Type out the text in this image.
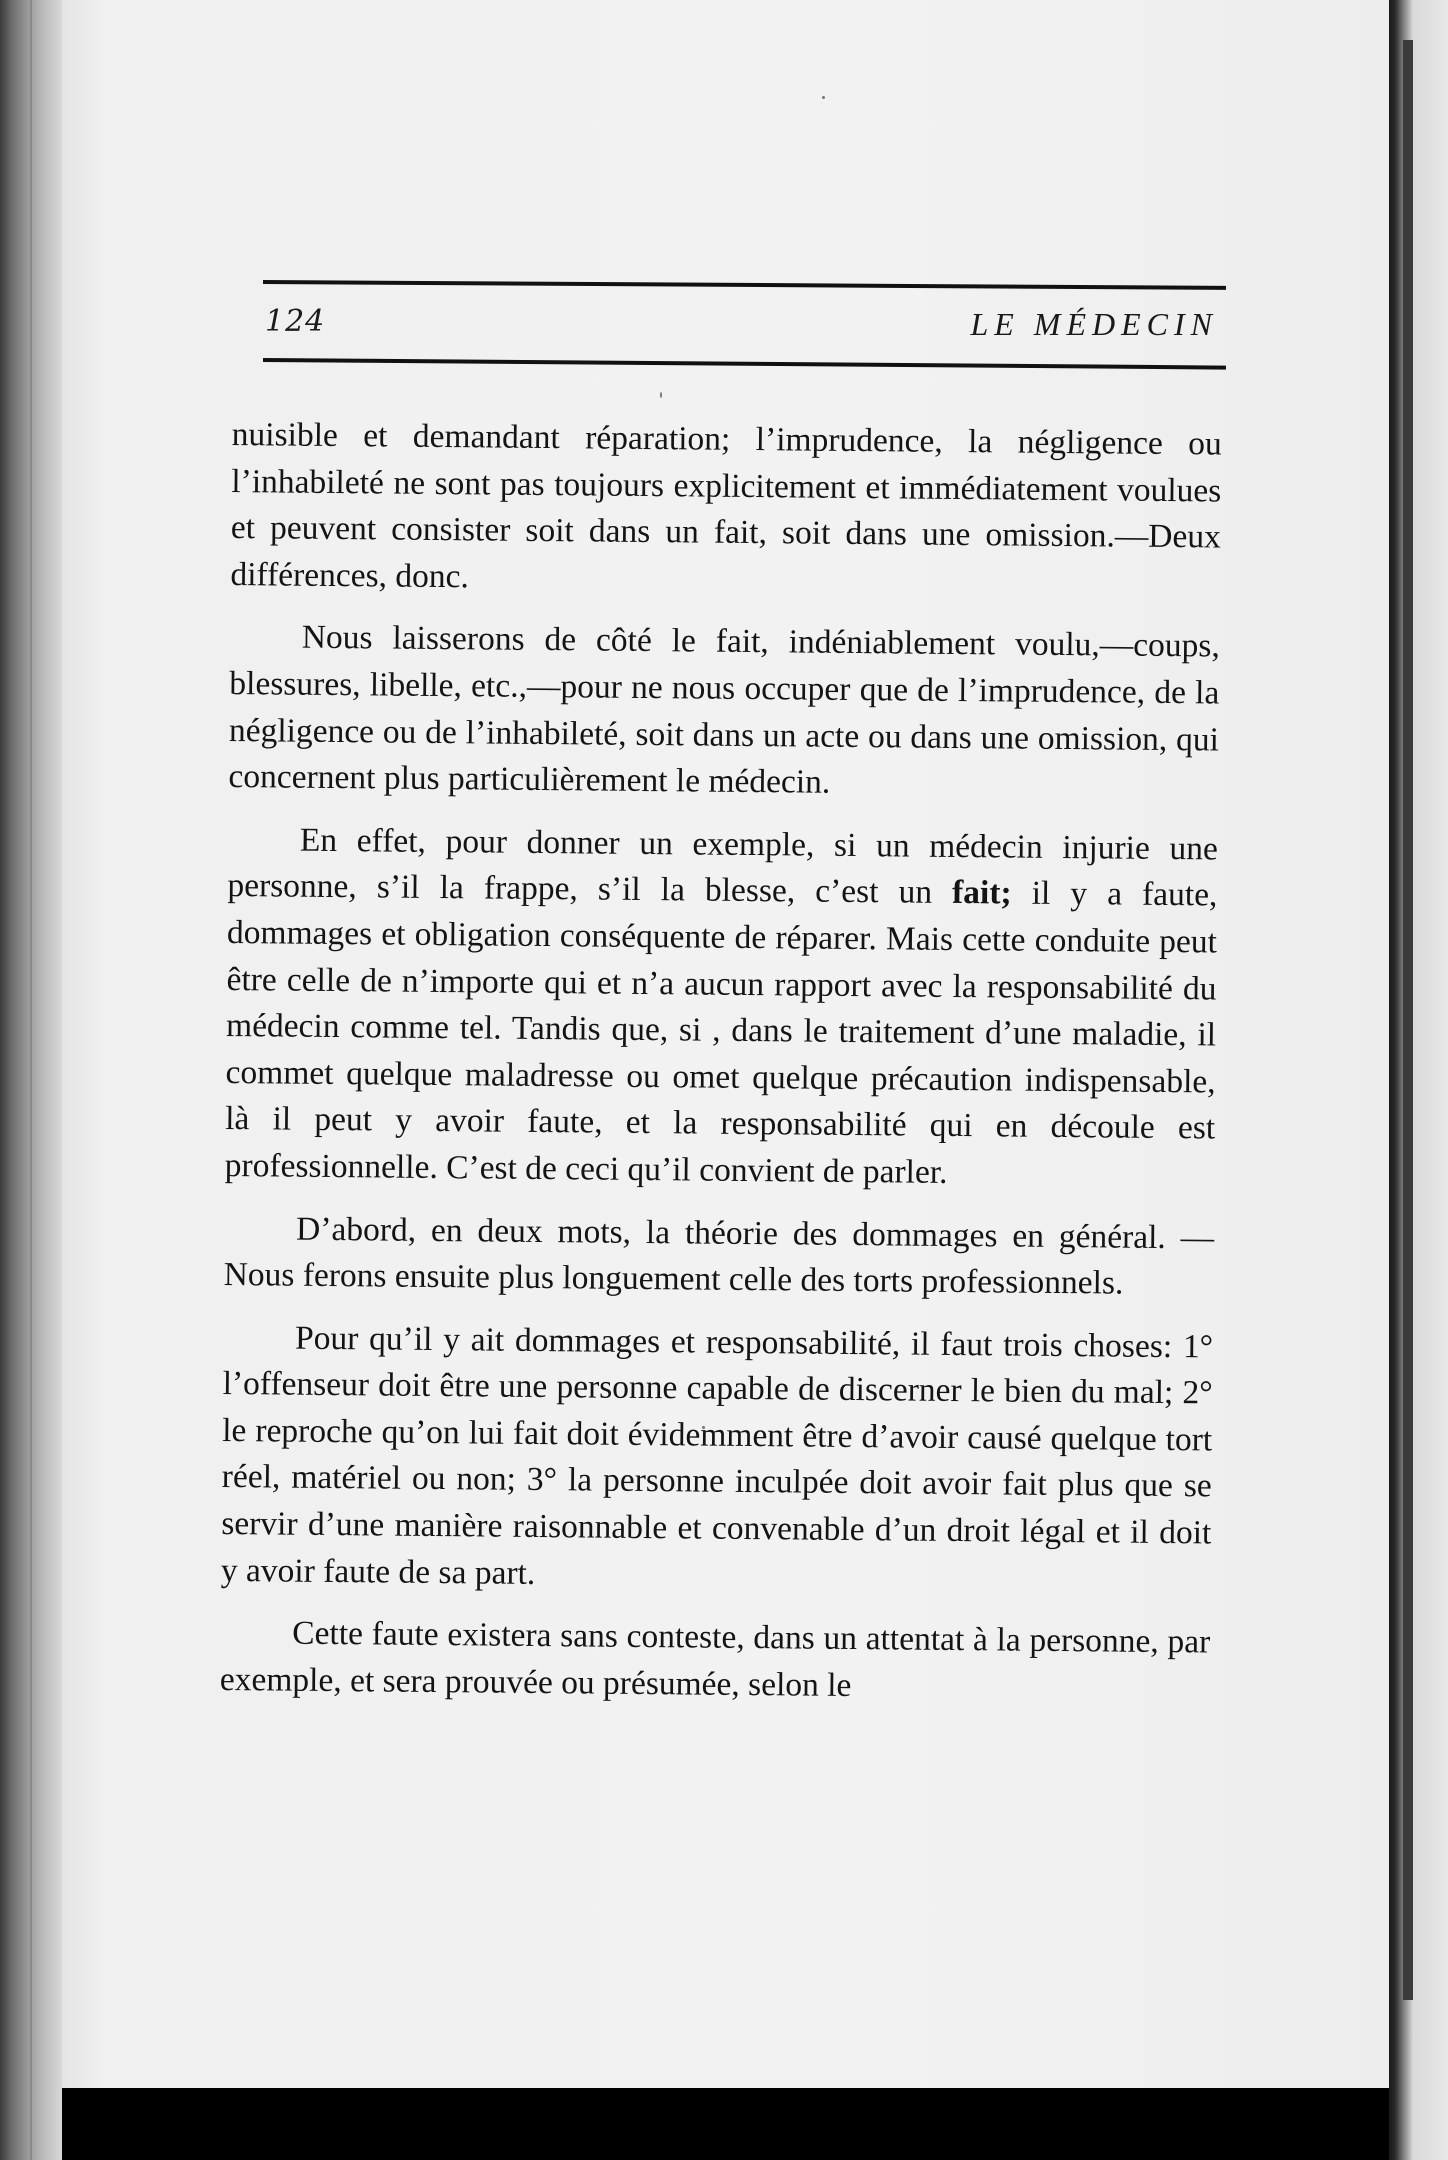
124	LE MÉDECIN

nuisible et demandant réparation; l’imprudence, la négligence ou l’inhabileté ne sont pas toujours explicitement et immédiatement voulues et peuvent consister soit dans un fait, soit dans une omission.—Deux différences, donc.

Nous laisserons de côté le fait, indéniablement voulu,—coups, blessures, libelle, etc.,—pour ne nous occuper que de l’imprudence, de la négligence ou de l’inhabileté, soit dans un acte ou dans une omission, qui concernent plus particulièrement le médecin.

En effet, pour donner un exemple, si un médecin injurie une personne, s’il la frappe, s’il la blesse, c’est un fait; il y a faute, dommages et obligation conséquente de réparer. Mais cette conduite peut être celle de n’importe qui et n’a aucun rapport avec la responsabilité du médecin comme tel. Tandis que, si , dans le traitement d’une maladie, il commet quelque maladresse ou omet quelque précaution indispensable, là il peut y avoir faute, et la responsabilité qui en découle est professionnelle. C’est de ceci qu’il convient de parler.

D’abord, en deux mots, la théorie des dommages en général. —Nous ferons ensuite plus longuement celle des torts professionnels.

Pour qu’il y ait dommages et responsabilité, il faut trois choses: 1° l’offenseur doit être une personne capable de discerner le bien du mal; 2° le reproche qu’on lui fait doit évidemment être d’avoir causé quelque tort réel, matériel ou non; 3° la personne inculpée doit avoir fait plus que se servir d’une manière raisonnable et convenable d’un droit légal et il doit y avoir faute de sa part.

Cette faute existera sans conteste, dans un attentat à la personne, par exemple, et sera prouvée ou présumée, selon le
